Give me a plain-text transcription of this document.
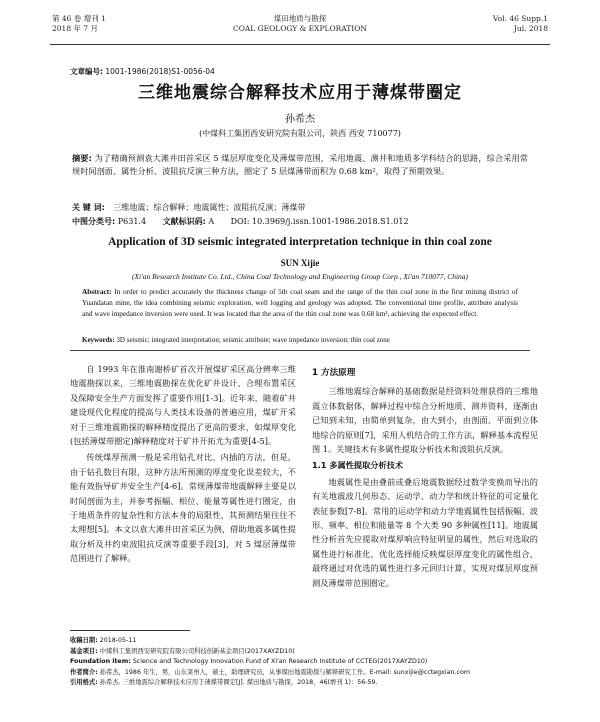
第 46 卷 增刊 1
2018 年 7 月
煤田地质与勘探
COAL GEOLOGY & EXPLORATION
Vol. 46 Supp.1
Jul. 2018
文章编号: 1001-1986(2018)S1-0056-04
三维地震综合解释技术应用于薄煤带圈定
孙希杰
(中煤科工集团西安研究院有限公司，陕西 西安 710077)
摘要: 为了精确预测袁大滩井田首采区 5 煤层厚度变化及薄煤带范围，采用地震、测井和地质多学科结合的思路，综合采用常规时间剖面、属性分析、波阻抗反演三种方法，圈定了 5 层煤薄带面积为 0.68 km²，取得了预期效果。
关 键 词: 三维地震；综合解释；地震属性；波阻抗反演；薄煤带
中图分类号: P631.4 文献标识码: A DOI: 10.3969/j.issn.1001-1986.2018.S1.012
Application of 3D seismic integrated interpretation technique in thin coal zone
SUN Xijie
(Xi'an Research Institute Co. Ltd., China Coal Technology and Engineering Group Corp., Xi'an 710077, China)
Abstract: In order to predict accurately the thickness change of 5th coal seam and the range of the thin coal zone in the first mining district of Yuandatan mine, the idea combining seismic exploration, well logging and geology was adopted. The conventional time profile, attribute analysis and wave impedance inversion were used. It was located that the area of the thin coal zone was 0.68 km², achieving the expected effect.
Keywords: 3D seismic; integrated interpretation; seismic attribute; wave impedance inversion; thin coal zone

自 1993 年在淮南谢桥矿首次开展煤矿采区高分辨率三维地震勘探以来，三维地震勘探在优化矿井设计、合理布置采区及保障安全生产方面发挥了重要作用[1-3]。近年来，随着矿井建设现代化程度的提高与人类技术设备的普遍应用，煤矿开采对于三维地震勘探的解释精度提出了更高的要求，如煤厚变化(包括薄煤带圈定)解释精度对于矿井开拓尤为重要[4-5]。

传统煤厚预测一般是采用钻孔对比、内插的方法，但是，由于钻孔数目有限，这种方法所预测的厚度变化误差较大，不能有效指导矿井安全生产[4-6]。常规薄煤带地震解释主要是以时间剖面为主，并参考振幅、相位、能量等属性进行圈定，由于地质条件的复杂性和方法本身的局限性，其预测结果往往不太理想[5]。本文以袁大滩井田首采区为例，借助地震多属性提取分析及井约束波阻抗反演等重要手段[3]，对 5 煤层薄煤带范围进行了解释。

1 方法原理

三维地震综合解释的基础数据是经资料处理获得的三维地震立体数据体，解释过程中综合分析地质、测井资料，逐渐由已知到未知，由简单到复杂，由大到小，由剖面、平面到立体地综合的原则[7]，采用人机结合的工作方法，解释基本流程见图 1。关键技术有多属性提取分析技术和波阻抗反演。

1.1 多属性提取分析技术

地震属性是由叠前或叠后地震数据经过数学变换而导出的有关地震波几何形态、运动学、动力学和统计特征的可定量化表征参数[7-8]。常用的运动学和动力学地震属性包括振幅、波形、频率、相位和能量等 8 个大类 90 多种属性[11]。地震属性分析首先应提取对煤厚响应特征明显的属性，然后对选取的属性进行标准化，优化选择能反映煤层厚度变化的属性组合，最终通过对优选的属性进行多元回归计算，实现对煤层厚度预测及薄煤带范围圈定。

收稿日期: 2018-05-11
基金项目: 中煤科工集团西安研究院有限公司科技创新基金项目(2017XAYZD10)
Foundation item: Science and Technology Innovation Fund of Xi'an Research Institute of CCTEG(2017XAYZD10)
作者简介: 孙希杰，1986 年生，男，山东莱州人，硕士，助理研究员，从事煤田地震勘探与解释研究工作。E-mail: sunxijie@cctegxian.com
引用格式: 孙希杰. 三维地震综合解释技术应用于薄煤带圈定[J]. 煤田地质与勘探，2018，46(增刊 1)：56-59.
